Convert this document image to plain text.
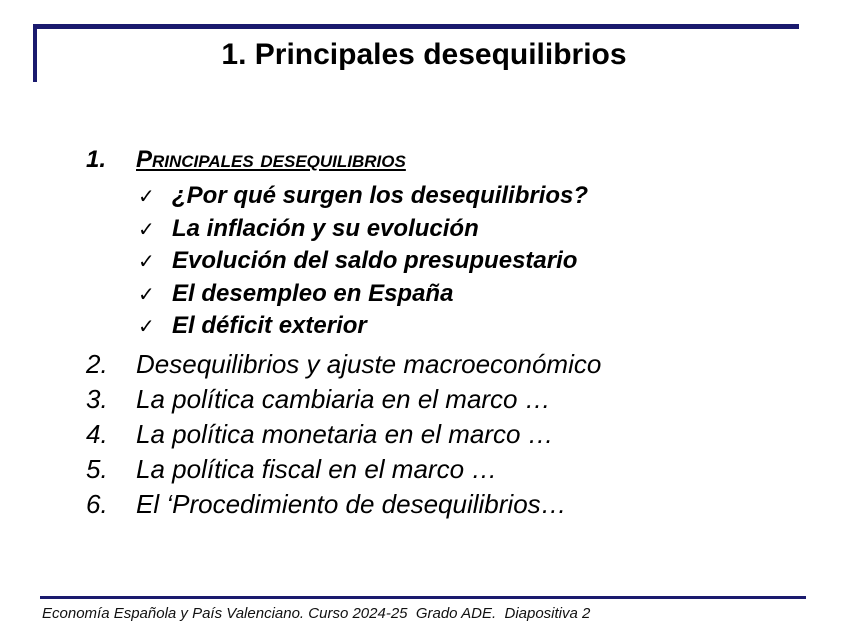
1. Principales desequilibrios
1.	Principales desequilibrios
✓ ¿Por qué surgen los desequilibrios?
✓ La inflación y su evolución
✓ Evolución del saldo presupuestario
✓ El desempleo en España
✓ El déficit exterior
2.	Desequilibrios y ajuste macroeconómico
3.	La política cambiaria en el marco …
4.	La política monetaria en el marco …
5.	La política fiscal en el marco …
6.	El ‘Procedimiento de desequilibrios…
Economía Española y País Valenciano. Curso 2024-25  Grado ADE.  Diapositiva 2
